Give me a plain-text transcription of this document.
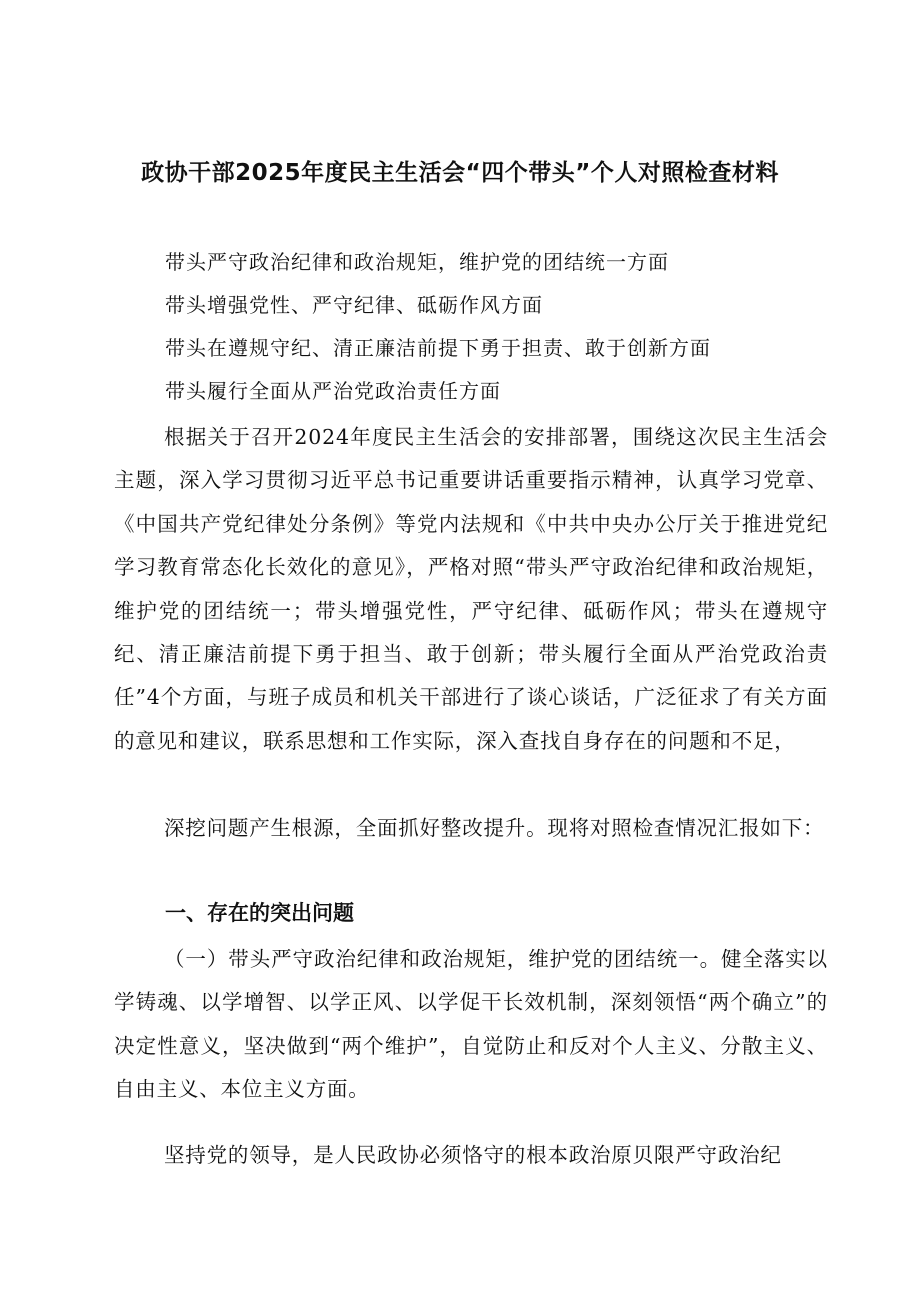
政协干部2025年度民主生活会“四个带头”个人对照检查材料
带头严守政治纪律和政治规矩，维护党的团结统一方面
带头增强党性、严守纪律、砥砺作风方面
带头在遵规守纪、清正廉洁前提下勇于担责、敢于创新方面
带头履行全面从严治党政治责任方面
根据关于召开2024年度民主生活会的安排部署，围绕这次民主生活会主题，深入学习贯彻习近平总书记重要讲话重要指示精神，认真学习党章、《中国共产党纪律处分条例》等党内法规和《中共中央办公厅关于推进党纪学习教育常态化长效化的意见》，严格对照“带头严守政治纪律和政治规矩，维护党的团结统一；带头增强党性，严守纪律、砥砺作风；带头在遵规守纪、清正廉洁前提下勇于担当、敢于创新；带头履行全面从严治党政治责任”4个方面，与班子成员和机关干部进行了谈心谈话，广泛征求了有关方面的意见和建议，联系思想和工作实际，深入查找自身存在的问题和不足，
深挖问题产生根源，全面抓好整改提升。现将对照检查情况汇报如下：
一、存在的突出问题
（一）带头严守政治纪律和政治规矩，维护党的团结统一。健全落实以学铸魂、以学增智、以学正风、以学促干长效机制，深刻领悟“两个确立”的决定性意义，坚决做到“两个维护”，自觉防止和反对个人主义、分散主义、自由主义、本位主义方面。
坚持党的领导，是人民政协必须恪守的根本政治原贝限严守政治纪
